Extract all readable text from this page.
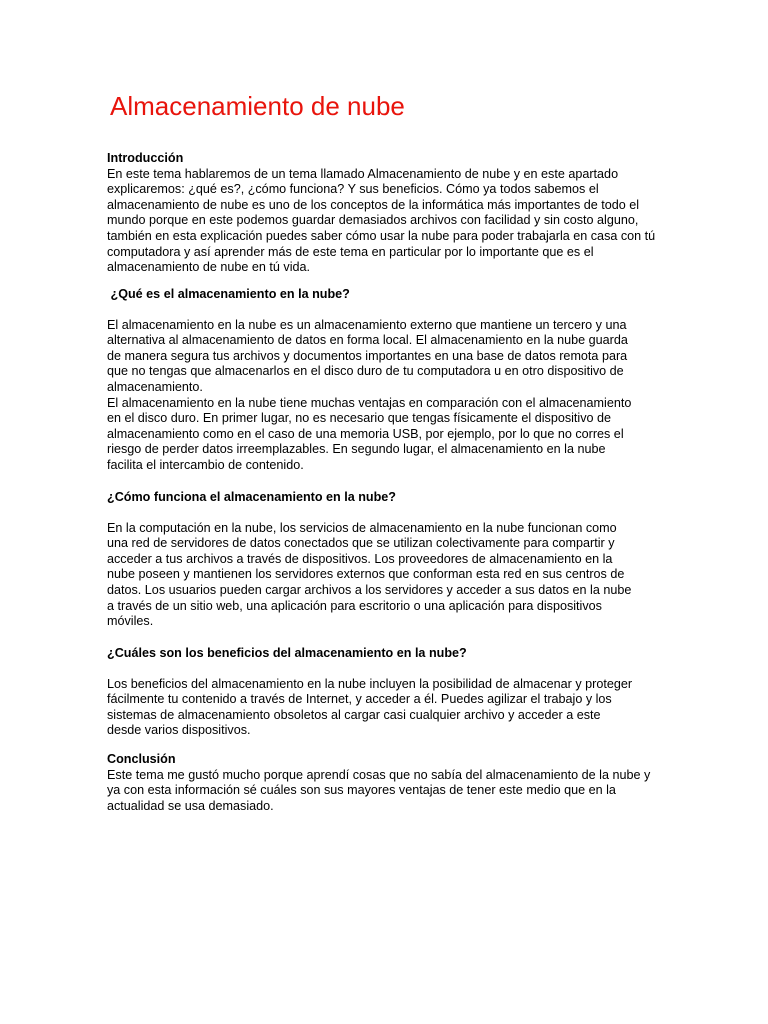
Almacenamiento de nube

Introducción

En este tema hablaremos de un tema llamado Almacenamiento de nube y en este apartado
explicaremos: ¿qué es?, ¿cómo funciona? Y sus beneficios. Cómo ya todos sabemos el
almacenamiento de nube es uno de los conceptos de la informática más importantes de todo el
mundo porque en este podemos guardar demasiados archivos con facilidad y sin costo alguno,
también en esta explicación puedes saber cómo usar la nube para poder trabajarla en casa con tú
computadora y así aprender más de este tema en particular por lo importante que es el
almacenamiento de nube en tú vida.

¿Qué es el almacenamiento en la nube?

El almacenamiento en la nube es un almacenamiento externo que mantiene un tercero y una
alternativa al almacenamiento de datos en forma local. El almacenamiento en la nube guarda
de manera segura tus archivos y documentos importantes en una base de datos remota para
que no tengas que almacenarlos en el disco duro de tu computadora u en otro dispositivo de
almacenamiento.
El almacenamiento en la nube tiene muchas ventajas en comparación con el almacenamiento
en el disco duro. En primer lugar, no es necesario que tengas físicamente el dispositivo de
almacenamiento como en el caso de una memoria USB, por ejemplo, por lo que no corres el
riesgo de perder datos irreemplazables. En segundo lugar, el almacenamiento en la nube
facilita el intercambio de contenido.

¿Cómo funciona el almacenamiento en la nube?

En la computación en la nube, los servicios de almacenamiento en la nube funcionan como
una red de servidores de datos conectados que se utilizan colectivamente para compartir y
acceder a tus archivos a través de dispositivos. Los proveedores de almacenamiento en la
nube poseen y mantienen los servidores externos que conforman esta red en sus centros de
datos. Los usuarios pueden cargar archivos a los servidores y acceder a sus datos en la nube
a través de un sitio web, una aplicación para escritorio o una aplicación para dispositivos
móviles.

¿Cuáles son los beneficios del almacenamiento en la nube?

Los beneficios del almacenamiento en la nube incluyen la posibilidad de almacenar y proteger
fácilmente tu contenido a través de Internet, y acceder a él. Puedes agilizar el trabajo y los
sistemas de almacenamiento obsoletos al cargar casi cualquier archivo y acceder a este
desde varios dispositivos.

Conclusión

Este tema me gustó mucho porque aprendí cosas que no sabía del almacenamiento de la nube y
ya con esta información sé cuáles son sus mayores ventajas de tener este medio que en la
actualidad se usa demasiado.
